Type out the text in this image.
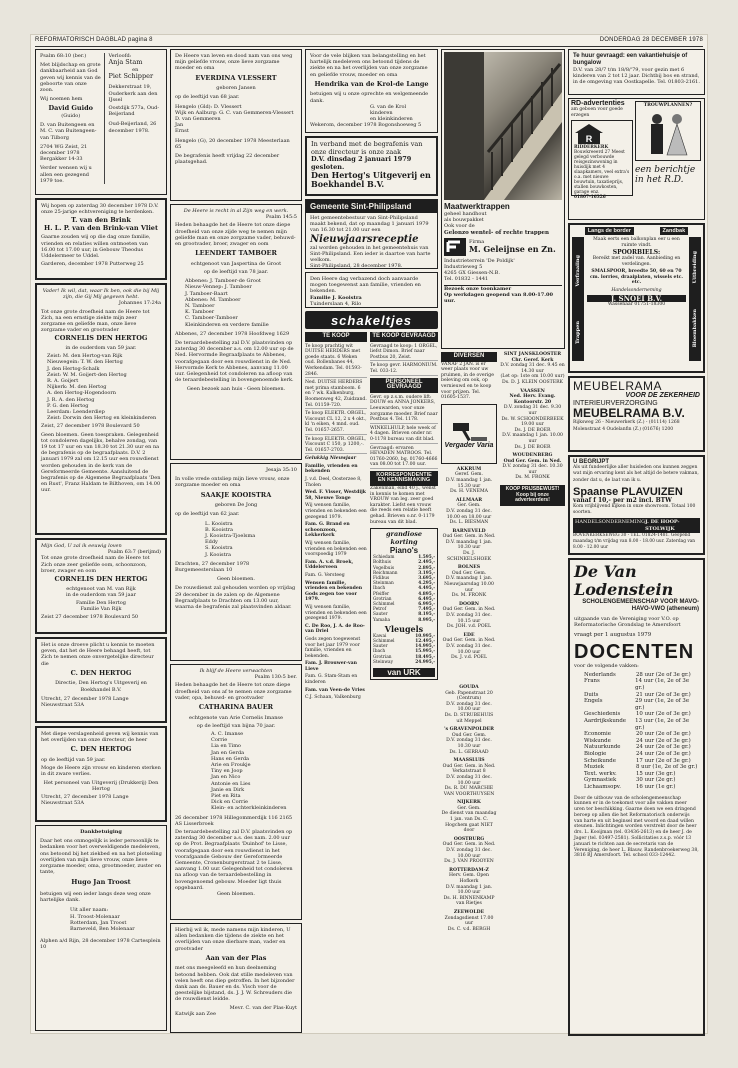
REFORMATORISCH DAGBLAD pagina 8	DONDERDAG 28 DECEMBER 1978
Psalm 68:10 (ber.)
Met blijdschap en grote dankbaarheid aan God geven wij kennis van de geboorte van onze zoon.
Wij noemen hem
David Guido
(Guido)
D. van Buitengeen en M. C. van Buitengeen-van Tilborg
2704 WG Zeist, 21 december 1978 Bergakker 14-33
Verder wensen wij u allen een gezegend 1979 toe.
Verloofd:
Anja Stam
en
Piet Schipper
Dekkerstraat 19, Ouderkerk aan den IJssel
Oostdijk 577a, Oud-Beijerland
Oud-Beijerland, 26 december 1978.
Wij hopen op zaterdag 30 december 1978 D.V. onze 25-jarige echtvereniging te herdenken.
T. van den Brink
H. L. P. van den Brink-van Vliet
Gaarne zouden wij op die dag onze familie, vrienden en relaties willen ontmoeten van 16.00 tot 17.00 uur, in Gebouw Theodus Uddelermeer te Uddel.
Garderen, december 1978 Putterweg 25
Vader! Ik wil, dat, waar Ik ben, ook die bij Mij zijn, die Gij Mij gegeven hebt.
Johannes 17:24a
Tot onze grote droefheid nam de Heere tot Zich, na een ernstige ziekte mijn zeer zorgzame en geliefde man, onze lieve zorgzame vader en grootvader
CORNELIS DEN HERTOG
in de ouderdom van 59 jaar.
Zeist: M. den Hertog-van Rijk
Nieuwegein: T. W. den Hertog
J. den Hertog-Schalk
Zeist: W. M. Goijert-den Hertog
R. A. Goijert
Nijkerk: M. den Hertog
A. den Hertog-Hogendoorn
J. R. A. den Hertog
P. G. den Hertog
Leerdam: Leenderdiep
Zeist: Dorwin den Hertog en kleinkinderen
Zeist, 27 december 1978 Boulevard 50
Geen bloemen. Geen toespraken. Gelegenheid tot condoleren dagelijks, behalve zondag, van 19 tot 17 uur en van 18.30 tot 21.30 uur en na de begrafenis op de begraafplaats. D.V. 2 januari 1979 zal om 12.15 uur een rouwdienst worden gehouden in de kerk van de Gereformeerde Gemeente. Aansluitend de begrafenis op de Algemene Begraafplaats 'Den en Rust', Franz Haldam te Bilthoven, om 14.00 uur.
Mijn God, U zal ik eeuwig loven
Psalm 63:7 (berijmd)
Tot onze grote droefheid nam de Heere tot Zich onze zeer geliefde oom, schoonzoon, broer, zwager en oom
CORNELIS DEN HERTOG
echtgenoot van M. van Rijk
in de ouderdom van 59 jaar
Familie Den Hertog
Familie Van Rijk
Zeist 27 december 1978 Boulevard 50
Het is onze droeve plicht u kennis te moeten geven, dat het de Heere behaagd heeft, tot Zich te nemen onze onvergetelijke directeur die
C. DEN HERTOG
Directie, Den Hertog's Uitgeverij en Boekhandel B.V.
Utrecht, 27 december 1978 Lange Nieuwstraat 53A
Met diepe verslagenheid geven wij kennis van het overlijden van onze directeur, de heer
C. DEN HERTOG
op de leeftijd van 59 jaar.
Moge de Heere zijn vrouw en kinderen sterken in dit zware verlies.
Het personeel van Uitgeverij (Drukkerij) Den Hertog
Utrecht, 27 december 1978 Lange Nieuwstraat 53A
Dankbetuiging
Daar het ons onmogelijk is ieder persoonlijk te bedanken voor het overweldigende medeleven, ons betoond bij het ziekbed en na het plotseling overlijden van mijn lieve vrouw, onze lieve zorgzame moeder, oma, grootmoeder, zuster en tante,
Hugo Jan Troost
betuigen wij een ieder langs deze weg onze hartelijke dank.
Uit aller naam:
H. Troost-Molenaar
Rotterdam, Jan Troost
Barneveld, Ben Molenaar
Alphen a/d Rijn, 28 december 1978 Cartesplein 10
De Heere van leven en dood nam van ons weg mijn geliefde vrouw, onze lieve zorgzame moeder en oma
EVERDINA VLESSERT
geboren Jansen
op de leeftijd van 68 jaar.
Hengelo (Gld): D. Vlessert
Wijk en Aalburg: G. C. van Gemmeren-Vlessert
D. van Gemmeren
Jan
Ernst
Hengelo (G), 20 december 1978 Meesterlaan 65
De begrafenis heeft vrijdag 22 december plaatsgehad.
De Heere is recht in al Zijn weg en werk.
Psalm 145:5
Heden behaagde het de Heere tot onze diepe droefheid van onze zijde weg te nemen mijn geliefde man en onze zorgzame vader, behuwd- en grootvader, broer, zwager en oom
LEENDERT TAMBOER
echtgenoot van Jaspertina de Groot
op de leeftijd van 78 jaar.
Abbenes: J. Tamboer-de Groot
Nieuw-Vennep: J. Tamboer
J. Tamboer-Baart
Abbenes: M. Tamboer
N. Tamboer
K. Tamboer
C. Tamboer-Tamboer
Kleinkinderen en verdere familie
Abbenes, 27 december 1978 Hoofdweg 1629
De teraardebestelling zal D.V. plaatsvinden op zaterdag 30 december a.s. om 12.00 uur op de Ned. Hervormde Begraafplaats te Abbenes, voorafgegaan door een rouwdienst in de Ned. Hervormde Kerk te Abbenes, aanvang 11.00 uur. Gelegenheid tot condoleren na afloop van de teraardebestelling in bovengenoemde kerk.
Geen bezoek aan huis - Geen bloemen.
Jesaja 35:10
In volle vrede ontsliep mijn lieve vrouw, onze zorgzame moeder en oma
SAAKJE KOOISTRA
geboren De Jong
op de leeftijd van 62 jaar.
L. Kooistra
B. Kooistra
J. Kooistra-Tjoelsma
Eddy
S. Kooistra
J. Kooistra
Drachten, 27 december 1978 Burgemeesterslaan 10
Geen bloemen.
De rouwdienst zal gehouden worden op vrijdag 29 december in de zalen op de Algemene Begraafplaats te Drachten om 13.00 uur, waarna de begrafenis zal plaatsvinden aldaar.
Ik blijf de Heere verwachten
Psalm 130:5 ber.
Heden behaagde het de Heere tot onze diepe droefheid van ons af te nemen onze zorgzame vader, opa, behuwd- en grootvader
CATHARINA BAUER
echtgenote van Arie Cornelis Imanse
op de leeftijd van bijna 70 jaar.
A. C. Imanse
Corrie
Lia en Timo
Jan en Gerda
Hans en Gerda
Arie en Froukje
Tiny en Joop
Jan en Nico
Antonie en Lies
Janie en Dirk
Piet en Rita
Dick en Corrie
Klein- en achterkleinkinderen
26 december 1978 Hillegommerdijk 116 2165 AS Lisserbroek
De teraardebestelling zal D.V. plaatsvinden op zaterdag 30 december a.s. des nam. 2.00 uur op de Prot. Begraafplaats 'Duinhof' te Lisse, voorafgegaan door een rouwdienst in het voorafgaande Gebouw der Gereformeerde Gemeente, Cronenburgerstraat 2 te Lisse, aanvang 1.00 uur. Gelegenheid tot condoleren na afloop van de teraardebestelling in bovengenoemd gebouw. Moeder ligt thuis opgebaard.
Geen bloemen.
Hierbij wil ik, mede namens mijn kinderen, U allen bedanken die tijdens de ziekte en het overlijden van onze dierbare man, vader en grootvader
Aan van der Plas
met ons meegeleefd en hun deelneming betoond hebben. Ook dat stille medeleven van velen heeft ons diep getroffen. In het bijzonder dank aan ds. Bauer en ds. Visch voor de geestelijke bijstand, ds. J. J. W. Schreuders die de rouwdienst leidde.
Mevr. C. van der Plas-Kuyt
Katwijk aan Zee
Voor de vele blijken van belangstelling en het hartelijk medeleven ons betoond tijdens de ziekte en na het overlijden van onze zorgzame en geliefde vrouw, moeder en oma
Hendrika van de Krol-de Lange
betuigen wij u onze oprechte en welgemeende dank.
G. van de Krol
kinderen
en kleinkinderen
Wekerom, december 1978 Bogonshoeweg 5
In verband met de begrafenis van onze directeur is onze zaak
D.V. dinsdag 2 januari 1979
gesloten.
Den Hertog's Uitgeverij en Boekhandel B.V.
Gemeente Sint-Philipsland
Het gemeentebestuur van Sint-Philipsland maakt bekend, dat op maandag 1 januari 1979 van 16.30 tot 21.00 uur een
Nieuwjaarsreceptie
zal worden gehouden in het gemeentehuis van Sint-Philipsland. Een ieder is daartoe van harte welkom.
Sint-Philipsland, 28 december 1978.
Den Heere dag verbazend doch aanvaarde mogen toegewenst aan familie, vrienden en bekenden.
Familie J. Kooistra
Tuinderslaan 4, Rilo
schakeltjes
TE KOOP
Te koop prachtig wit DUITSE HERDERS met goede staats. 6 Weken oud. Bollenbanes 44, Werkendam. Tel. 01593-2846.
Ned. DUITSE HERDERS met prima stamboom. 6 en 7 wk. Kalkenburg, Boomenweg 42, Zuidzand. Tel. 01159-720.
Te koop ELEKTR. ORGEL, Viscount CL 12, 2 x 4 okt., kl 'n eiken, 4 mnd. oud. Tel. 01657-2657.
Te koop ELEKTR. ORGEL, Viscount C 150, p 1200,-. Tel. 01657-2703.
Gelukkig Nieuwjaar
Familie, vrienden en bekenden
J. v.d. Deel, Oosterzee 8, Tholen
Wed. F. Visser, Westdijk 58, Nieuwe Tonge
Wij wensen familie, vrienden en bekenden een gezegend 1979.
Fam. G. Brand en schoonzoon, Lekkerkerk
Wij wensen familie, vrienden en bekenden een voorspoedig 1979
Fam. A. v.d. Broek, Uddelerveen
Fam. G. Versteeg
Wensen familie, vrienden en bekenden Gods zegen toe voor 1979.
Wij wensen familie, vrienden en bekenden een gezegend 1979.
C. De Roo, J. A. de Roo-van Driel
Gods zegen toegewenst voor het jaar 1979 voor familie, vrienden en bekenden.
Fam. J. Brouwer-van Lieve
Fam. G. Stam-Stam en kinderen
Fam. van Veen-de Vries
C.J. Schaan, Valkenburg
TE KOOP GEVRAAGD
Gevraagd te koop: 1 ORGEL, liefst Dimon. Brief naar Postbus 20, Zeist.
Te koop gevr. HARMONIUM. Tel. 033-12.
PERSONEEL GEVRAAGD
Gevr. op z.s.m. oudere lift: DOUW en ANNA JONKERS, Leeuwarden, voor onze zorgzame moeder. Brief naar Postbus 4. Tel. 1178.
WINKELHULP, hele week of 4 dagen. Brieven onder nr. 0-1178 bureau van dit blad.
Gevraagd: ervaren HEVADEN MATROOS. Tel. 01760-2060, bg. 01760-4666 van 08.00 tot 17.00 uur.
KORRESPONDENTIE EN KENNISMAKING
Zakenman, eind 40 j., wenst in kennis te komen met VROUW van leg. zeer goed karakter. Liefst een vrouw die reeds een relatie heeft gehad. Brieven o.nr. 0-1179 bureau van dit blad.
grandiose korting
Piano's
Schiedam	1.595,-
Bolthuis	2.495,-
Vogelbuis	2.895,-
Reichmann	3.195,-
Fidibus	3.695,-
Steinman	4.295,-
Ibach	4.495,-
Pfeiffer	4.895,-
Grotrian	6.495,-
Schimmel	6.995,-
Petrof	7.495,-
Sauter	8.195,-
Yamaha	8.995,-
Vleugels
Kawai	10.995,-
Schimmel	12.495,-
Sauter	14.995,-
Ibach	15.995,-
Grotrian	18.495,-
Steinway	24.995,-
van URK
Maatwerktrappen
geheel handhout
als bouwpakket
Ook voor de
Gelonzo wentel- of rechte trappen
Firma
M. Geleijnse en Zn.
Industrieterrein 'De Poldijk'
Industrieweg 5
4265 GX Giessen-N.B.
Tel. 01832 - 1441
Bezoek onze toonkamer
Op werkdagen geopend van 8.00-17.00 uur.
DIVERSEN
VANAF 2 JAN. is er weer plaats voor uw pruimen, in de overige beleving om ook, op vernieuwd en te koop voor prijzen. Tel. 01605-1537.
Vergader Varia
AKKRUM
Geref. Gem.
D.V. maandag 1 jan. 15.30 uur
Ds. H. VENEMA
ALLMAAR
Ger. Gem.
D.V. zondag 31 dec. 10.00 en 18.00 uur
Ds. L. BIESMAN
BARNEVELD
Oud Ger. Gem. in Ned.
D.V. maandag 1 jan. 10.30 uur
Ds. J. SCHINKELSHOEK
BOLNES
Oud Ger. Gem.
D.V. maandag 1 jan.
Nieuwjaarsdag 10.00 uur
Ds. M. FRONK
DOORN
Oud Ger. Gem. in Ned.
D.V. zondag 31 dec. 10.15 uur
Ds. JOH. v.d. POEL
EDE
Oud Ger. Gem. in Ned.
D.V. zondag 31 dec. 10.00 uur
Ds. J. v.d. POEL
SINT JANSKLOOSTER
Chr. Geref. Kerk
D.V. zondag 31 dec. 9.45 en 14.30 uur
(Let op: 1ste om 10.00 uur)
Ds. D. J. KLEIN OOSTERK
VAASSEN
Ned. Herv. Evang. Kontoorstr. 20
D.V. zondag 31 dec. 9.30 uur
Ds. W. SCHOONDERBEEK
19.00 uur
Ds. J. DE BOER
D.V. maandag 1 jan. 10.00 uur
Ds. J. DE BOER
WOUDENBERG
Oud Ger. Gem. in Ned.
D.V. zondag 31 dec. 10.30 uur
Ds. M. FRONK
KOOP PRIJSBEWUST! Koop bij onze adverteerders!
GOUDA
Geb. Papenstraat 20 (Centrum)
D.V. zondag 31 dec. 10.00 uur
Ds. D. STRUBEHUIS uit Meppel
's GRAVENPOLDER
Oud Ger. Gem.
D.V. zondag 31 dec. 10.30 uur
Ds. L. GERRAAD
MAASSLUIS
Oud Ger. Gem. in Ned.
Verkatstraat 8
D.V. zondag 31 dec. 10.00 uur
Ds. R. DU MARCHIE VAN VOORTHUYSEN
NIJKERK
Ger. Gem.
De dienst van maandag 1 jan. van Ds. C. Hogchem gaat NIET door
OOSTBURG
Oud Ger. Gem. in Ned.
D.V. zondag 31 dec. 10.00 uur
Ds. J. VAN PROOYEN
ROTTERDAM-Z
Herv. Gem. Open Hofkerk
D.V. maandag 1 jan. 10.00 uur
Ds. H. BINNENKAMP van Rietjes
ZEEWOLDE
Zondagsdienst 17.00 uur
Ds. C. v.d. BERGH
Te huur gevraagd: een vakantiehuisje of bungalow
D.V. van 28/7 t/m 18/8/'79, voor gezin met 6 kinderen van 2 tot 12 jaar. Dichtbij bos en strand, in de omgeving van Oostkapelle. Tel. 01803-2161.
RD-advertenties
am geboen voor goede erzegen
R
RIDDERKERK
Bouwkreeerd 27 Meest gelegd verbouwde reisgezinswoning in huisdijk met 4 slaapkamers, veel extra's o.a. met nieuwe bouwtuin, taxatieprijs, stallen bouwkosten, garage enz.
01807-16326
TROUWPLANNEN?
een berichtje in het R.D.
Langs de border	Zandbak
Verfraaiing
Trappen
Maak eerts een balkonplan eer u een ruimte vindt.
SPOORBIELS:
Bereikt met zadel van. Aanbieding en verdelingen.
SMALSPOOR, breedte 50, 60 en 70 cm. lorries, draaiplaten, wissels etc. etc.
Handelsonderneming
J. SNOEI B.V.
Wassenaar 01751-18300
Uitbreiding
Bloembakken
MEUBELRAMA
VOOR DE ZEKERHEID
INTERIEURVERZORGING
MEUBELRAMA B.V.
Rijksweg 26 - Nieuwerkerk (Z.) - (01114) 1268 Molenstraat 4 Oudelanfin (Z.) (01676) 1200
U BEGRIJPT
Als uit fundeerlijke aller huisleden ons kunnen zeggen wat mijn ervaring kent als het altijd de betere vakman, zonder dat u, de laat van ik u.
Spaanse PLAVUIZEN
vanaf f 10,- per m2 incl. BTW
Kom vrijblijvend kijken in onze showroom. Totaal 100 soorten.
HANDELSONDERNEMING J. DE HOOP-STOLWIJK
BOVENKERKSEWEG 30 - TEL. 01824-1481. Geopend maandag t/m vrijdag van 8.00 - 18.00 uur. Zaterdag van 8.00 - 12.00 uur
De Van Lodenstein
SCHOLENGEMEENSCHAP VOOR MAVO-HAVO-VWO (atheneum)
uitgaande van de Vereniging voor V.O. op Reformatorische Grondslag te Amersfoort
vraagt per 1 augustus 1979
DOCENTEN
voor de volgende vakken:
Nederlands	28 uur (2e of 3e gr.)
Frans	14 uur (1e, 2e of 3e gr.)
Duits	21 uur (2e of 3e gr.)
Engels	29 uur (1e, 2e of 3e gr.)
Geschiedenis	10 uur (2e of 3e gr.)
Aardrijkskunde	13 uur (1e, 2e of 3e gr.)
Economie	20 uur (2e of 3e gr.)
Wiskunde	24 uur (2e of 3e gr.)
Natuurkunde	24 uur (2e of 3e gr.)
Biologie	24 uur (2e of 3e gr.)
Scheikunde	17 uur (2e of 3e gr.)
Muziek	8 uur (1e, 2e of 3e gr.)
Text. werkv.	15 uur (3e gr.)
Gymnastiek	30 uur (2e gr.)
Lichaamsopv.	16 uur (1e gr.)
Door de uitbouw van de scholengemeenschap kunnen er in de toekomst voor alle vakken meer uren ter beschikking. Gaarne doen we een dringend beroep op allen die het Reformatorisch onderwijs van harte en uit beginsel met woord en daad willen steunen. Inlichtingen worden verstrekt door de heer drs. L. Kooijman (tel. 03436-2613) en de heer J. de Jager (tel. 03497-2581). Sollicitaties z.s.p. vóór 13 januari te richten aan de secretaris van de Vereniging, de heer L. Blauw, Randenbroekerweg 38, 3816 BJ Amersfoort. Tel. school 033-12442.
